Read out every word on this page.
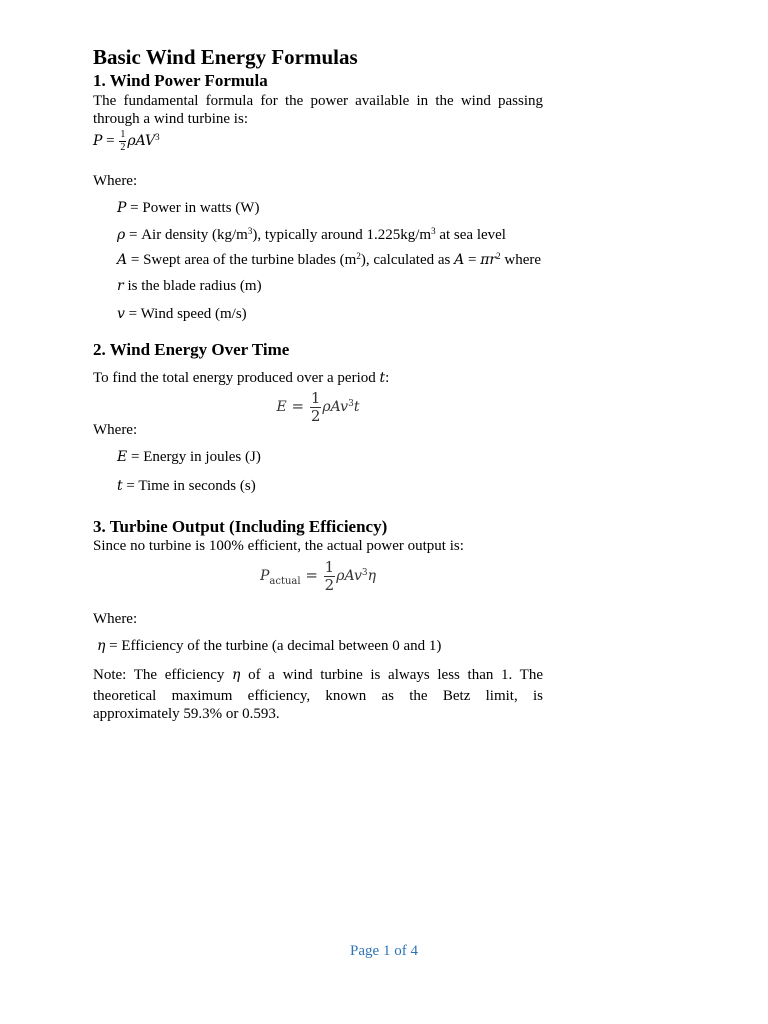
Basic Wind Energy Formulas
1. Wind Power Formula
The fundamental formula for the power available in the wind passing
through a wind turbine is:
$P = \frac{1}{2} \rho AV^3$
Where:
P = Power in watts (W)
ρ = Air density $(kg/m^3)$, typically around $1.225kg/m^3$ at sea level
A = Swept area of the turbine blades $(m^2)$, calculated as $A = \pi r^2$ where
r is the blade radius (m)
v = Wind speed (m/s)
2. Wind Energy Over Time
To find the total energy produced over a period t:
$E = \frac{1}{2} \rho Av^3t$
Where:
E = Energy in joules (J)
t = Time in seconds (s)
3. Turbine Output (Including Efficiency)
Since no turbine is 100% efficient, the actual power output is:
$P_{actual} = \frac{1}{2} \rho Av^3\eta$
Where:
η = Efficiency of the turbine (a decimal between 0 and 1)
Note: The efficiency η of a wind turbine is always less than 1. The
theoretical maximum efficiency, known as the Betz limit, is
approximately 59.3% or 0.593.
Page 1 of 4
